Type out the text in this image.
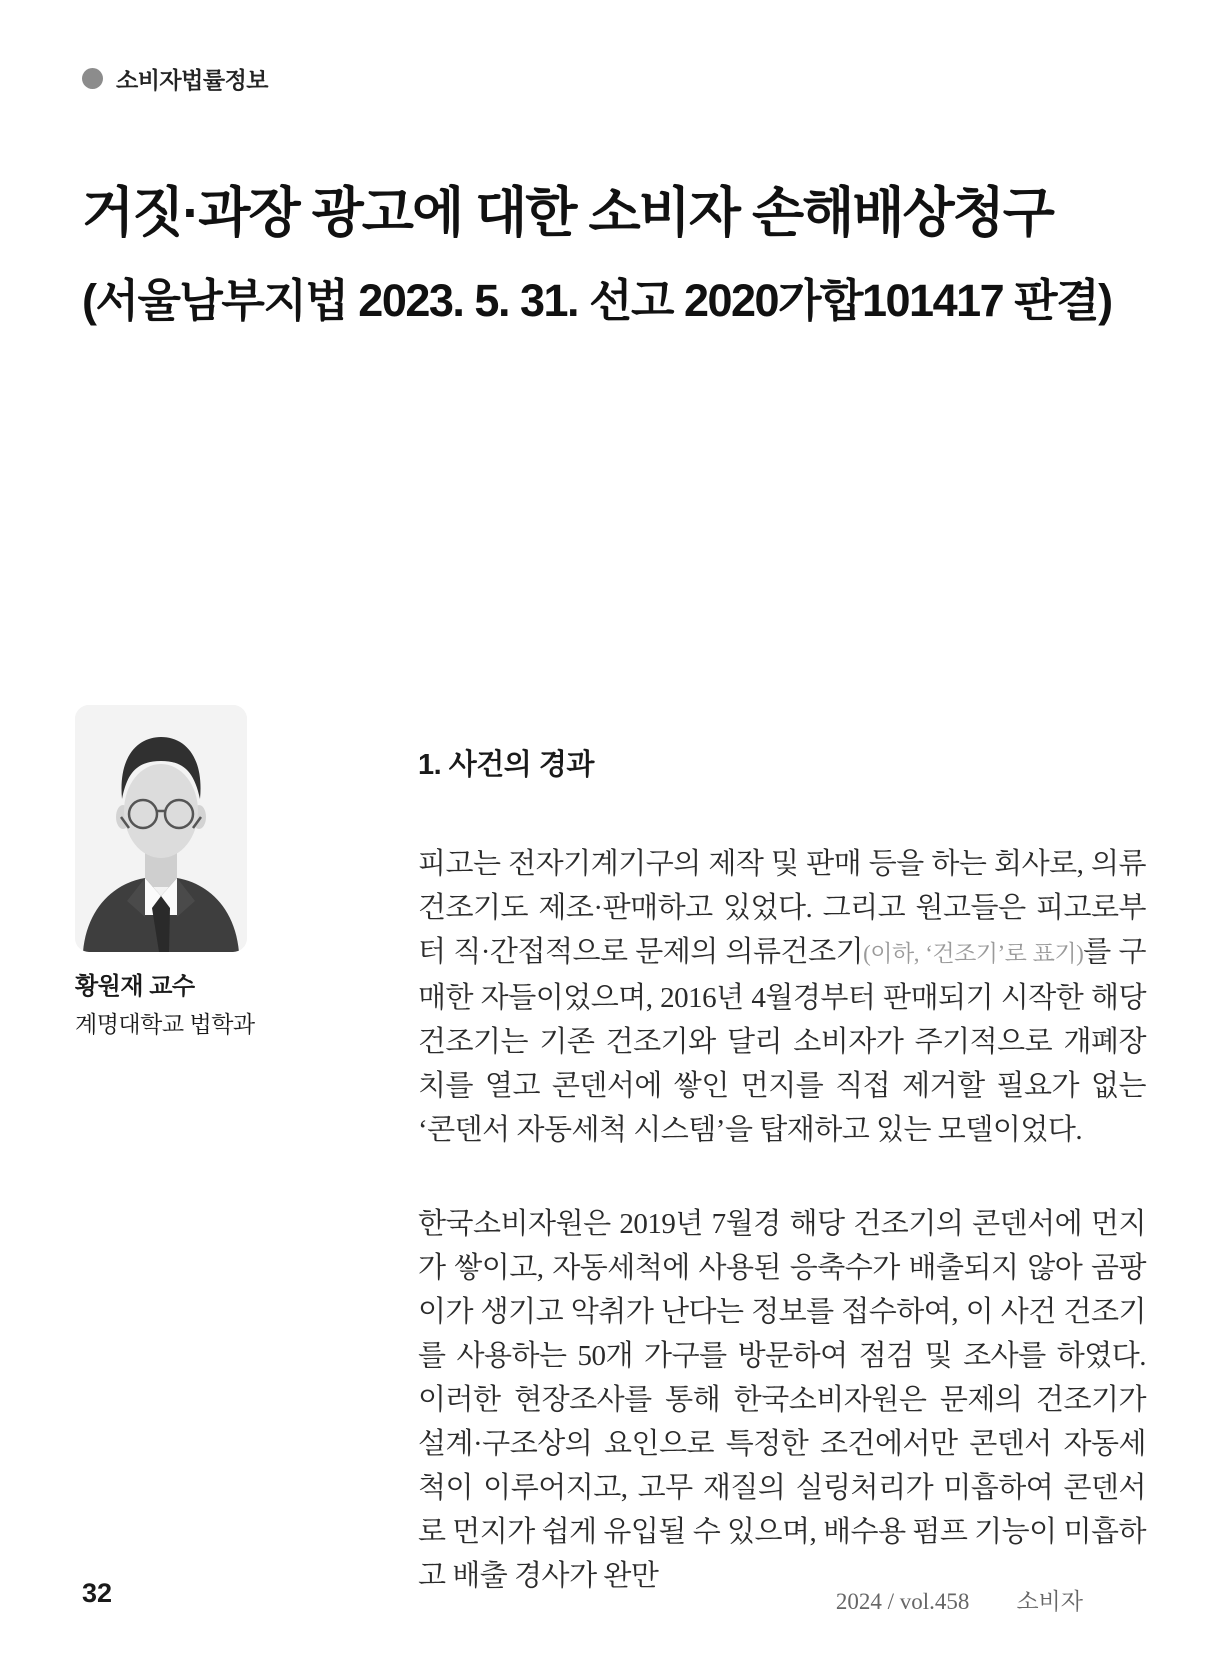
소비자법률정보
거짓·과장 광고에 대한 소비자 손해배상청구
(서울남부지법 2023. 5. 31. 선고 2020가합101417 판결)
황원재 교수
계명대학교 법학과
1. 사건의 경과

피고는 전자기계기구의 제작 및 판매 등을 하는 회사로, 의류건조기도 제조·판매하고 있었다. 그리고 원고들은 피고로부터 직·간접적으로 문제의 의류건조기(이하, ‘건조기’로 표기)를 구매한 자들이었으며, 2016년 4월경부터 판매되기 시작한 해당 건조기는 기존 건조기와 달리 소비자가 주기적으로 개폐장치를 열고 콘덴서에 쌓인 먼지를 직접 제거할 필요가 없는 ‘콘덴서 자동세척 시스템’을 탑재하고 있는 모델이었다.

한국소비자원은 2019년 7월경 해당 건조기의 콘덴서에 먼지가 쌓이고, 자동세척에 사용된 응축수가 배출되지 않아 곰팡이가 생기고 악취가 난다는 정보를 접수하여, 이 사건 건조기를 사용하는 50개 가구를 방문하여 점검 및 조사를 하였다. 이러한 현장조사를 통해 한국소비자원은 문제의 건조기가 설계·구조상의 요인으로 특정한 조건에서만 콘덴서 자동세척이 이루어지고, 고무 재질의 실링처리가 미흡하여 콘덴서로 먼지가 쉽게 유입될 수 있으며, 배수용 펌프 기능이 미흡하고 배출 경사가 완만

32	2024 / vol.458 소비자
